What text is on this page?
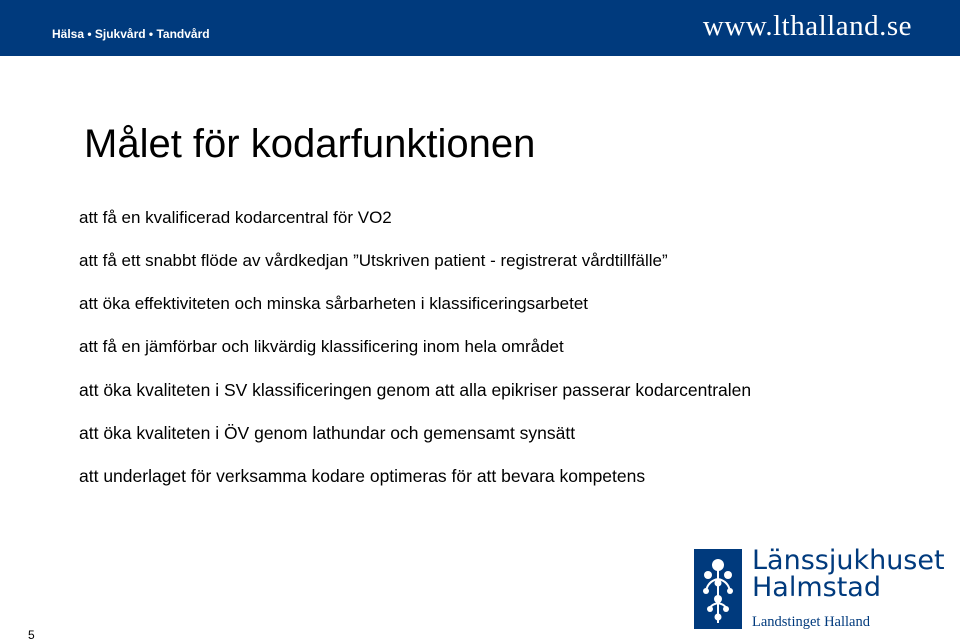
Hälsa • Sjukvård • Tandvård	www.lthalland.se
Målet för kodarfunktionen
att få en kvalificerad kodarcentral för VO2
att få ett snabbt flöde av vårdkedjan ”Utskriven patient - registrerat vårdtillfälle”
att öka effektiviteten och minska sårbarheten i klassificeringsarbetet
att få en jämförbar och likvärdig klassificering inom hela området
att öka kvaliteten i SV klassificeringen genom att alla epikriser passerar kodarcentralen
att öka kvaliteten i ÖV genom lathundar och gemensamt synsätt
att underlaget för verksamma kodare optimeras för att bevara kompetens
5
Länssjukhuset
Halmstad
Landstinget Halland
